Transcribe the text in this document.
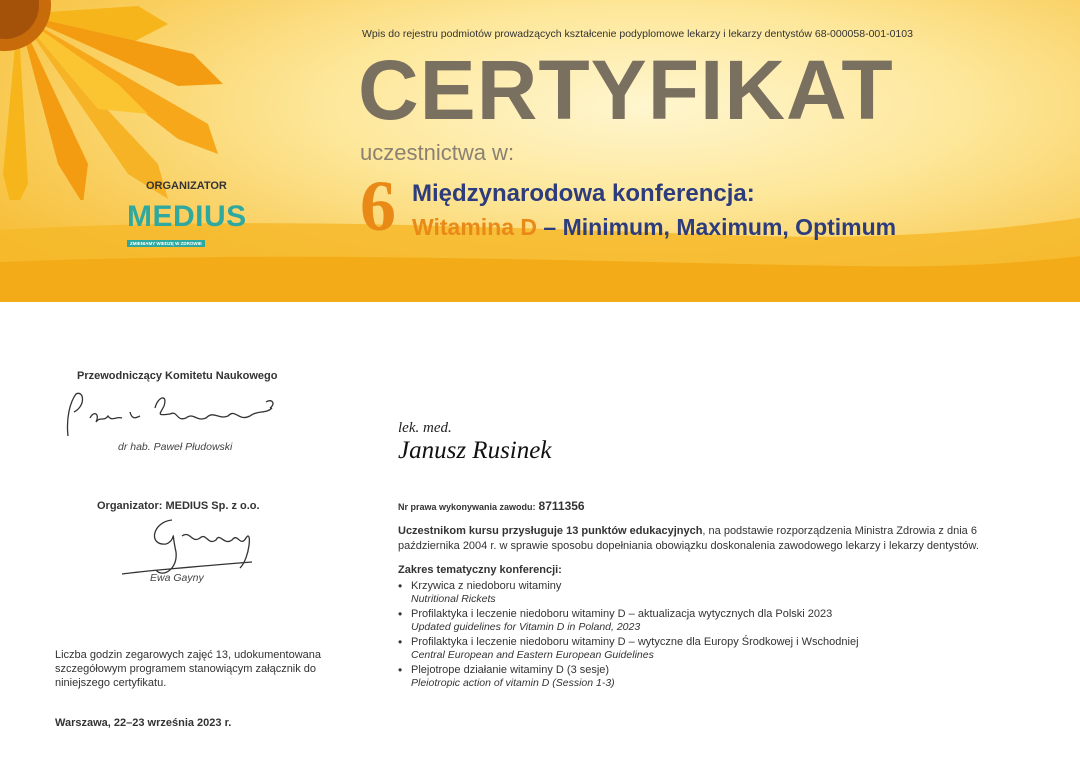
Wpis do rejestru podmiotów prowadzących kształcenie podyplomowe lekarzy i lekarzy dentystów 68-000058-001-0103
CERTYFIKAT
uczestnictwa w:
6 Międzynarodowa konferencja:
Witamina D – Minimum, Maximum, Optimum
ORGANIZATOR
MEDIUS
ZMIENIAMY WIEDZĘ W ZDROWIE
Przewodniczący Komitetu Naukowego
dr hab. Paweł Płudowski
Organizator: MEDIUS Sp. z o.o.
Ewa Gayny
Liczba godzin zegarowych zajęć 13, udokumentowana szczegółowym programem stanowiącym załącznik do niniejszego certyfikatu.
Warszawa, 22–23 września 2023 r.
lek. med.
Janusz Rusinek
Nr prawa wykonywania zawodu: 8711356
Uczestnikom kursu przysługuje 13 punktów edukacyjnych, na podstawie rozporządzenia Ministra Zdrowia z dnia 6 października 2004 r. w sprawie sposobu dopełniania obowiązku doskonalenia zawodowego lekarzy i lekarzy dentystów.
Zakres tematyczny konferencji:
• Krzywica z niedoboru witaminy
Nutritional Rickets
• Profilaktyka i leczenie niedoboru witaminy D – aktualizacja wytycznych dla Polski 2023
Updated guidelines for Vitamin D in Poland, 2023
• Profilaktyka i leczenie niedoboru witaminy D – wytyczne dla Europy Środkowej i Wschodniej
Central European and Eastern European Guidelines
• Plejotrope działanie witaminy D (3 sesje)
Pleiotropic action of vitamin D (Session 1-3)
